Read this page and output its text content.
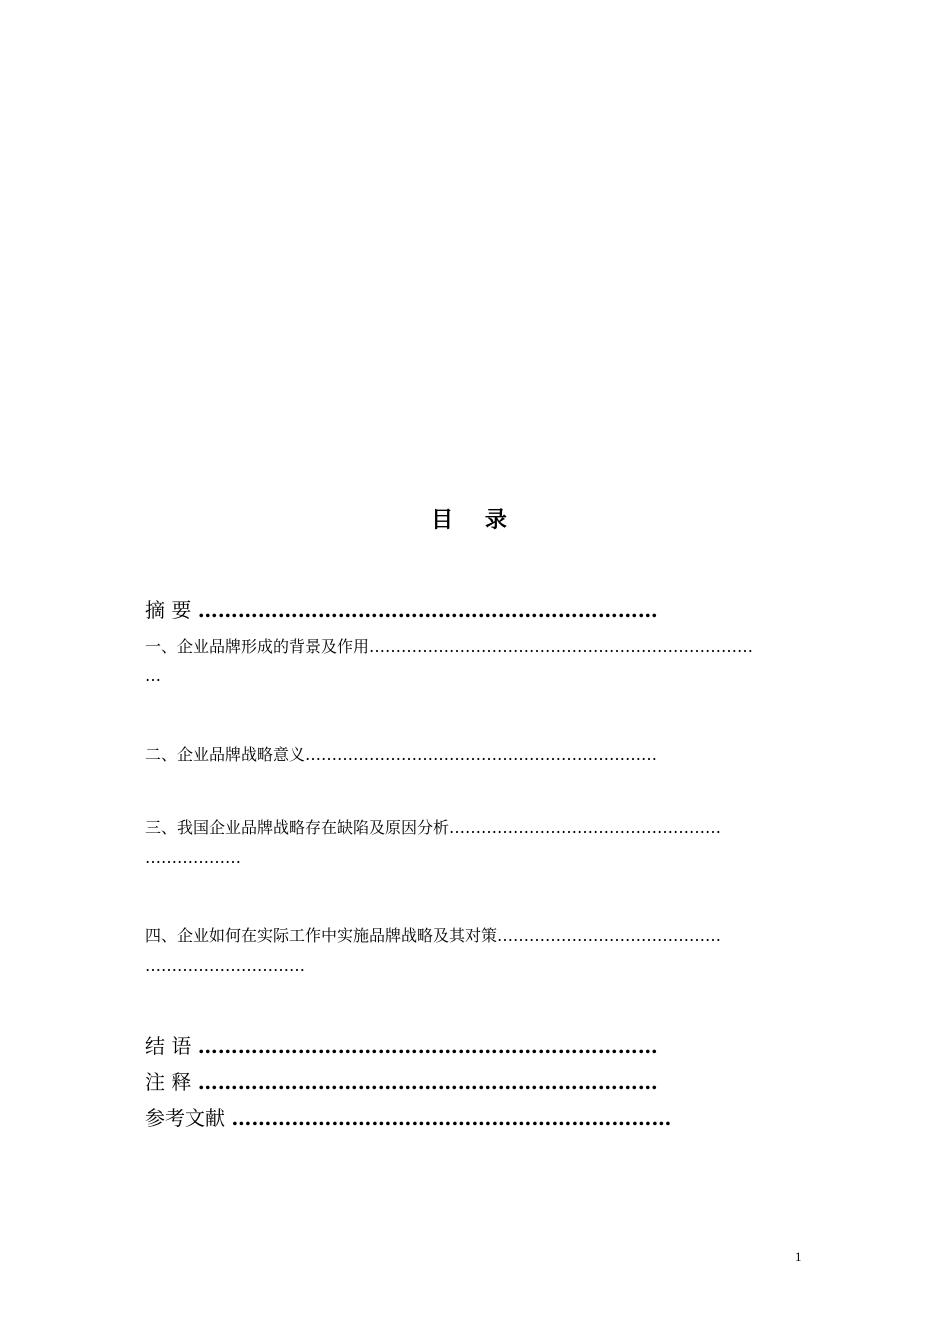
目 录
摘 要 ……………………………………………………………
一、企业品牌形成的背景及作用………………………………………………………………
…
二、企业品牌战略意义…………………………………………………………
三、我国企业品牌战略存在缺陷及原因分析……………………………………………
………………
四、企业如何在实际工作中实施品牌战略及其对策……………………………………
…………………………
结 语 ……………………………………………………………
注 释 ……………………………………………………………
参考文献 …………………………………………………………
1
